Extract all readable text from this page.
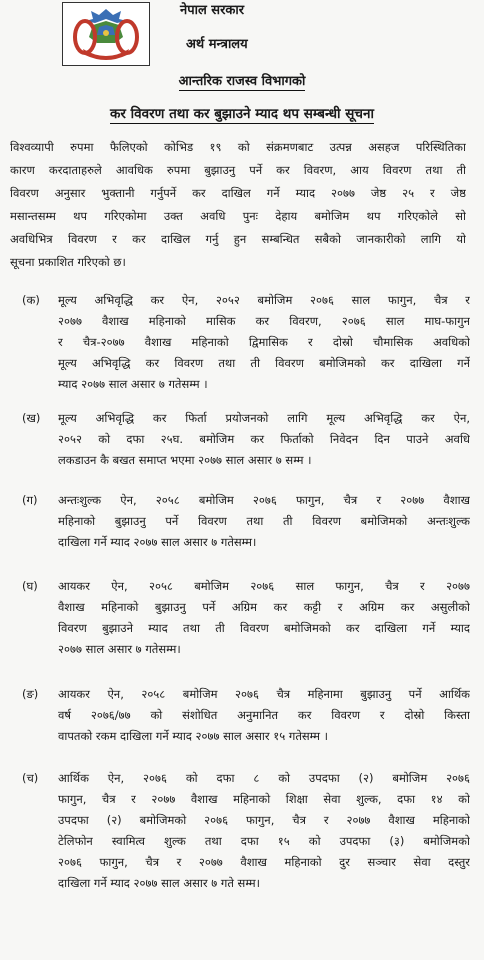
नेपाल सरकार
अर्थ मन्त्रालय
आन्तरिक राजस्व विभागको
कर विवरण तथा कर बुझाउने म्याद थप सम्बन्धी सूचना
विश्वव्यापी रुपमा फैलिएको कोभिड १९ को संक्रमणबाट उत्पन्न असहज परिस्थितिका
कारण करदाताहरुले आवधिक रुपमा बुझाउनु पर्ने कर विवरण, आय विवरण तथा ती
विवरण अनुसार भुक्तानी गर्नुपर्ने कर दाखिल गर्ने म्याद २०७७ जेष्ठ २५ र जेष्ठ
मसान्तसम्म थप गरिएकोमा उक्त अवधि पुनः देहाय बमोजिम थप गरिएकोले सो
अवधिभित्र विवरण र कर दाखिल गर्नु हुन सम्बन्धित सबैको जानकारीको लागि यो
सूचना प्रकाशित गरिएको छ।
(क) मूल्य अभिवृद्धि कर ऐन, २०५२ बमोजिम २०७६ साल फागुन, चैत्र र
२०७७ वैशाख महिनाको मासिक कर विवरण, २०७६ साल माघ-फागुन
र चैत्र-२०७७ वैशाख महिनाको द्विमासिक र दोस्रो चौमासिक अवधिको
मूल्य अभिवृद्धि कर विवरण तथा ती विवरण बमोजिमको कर दाखिला गर्ने
म्याद २०७७ साल असार ७ गतेसम्म ।
(ख) मूल्य अभिवृद्धि कर फिर्ता प्रयोजनको लागि मूल्य अभिवृद्धि कर ऐन,
२०५२ को दफा २५घ. बमोजिम कर फिर्ताको निवेदन दिन पाउने अवधि
लकडाउन कै बखत समाप्त भएमा २०७७ साल असार ७ सम्म ।
(ग) अन्तःशुल्क ऐन, २०५८ बमोजिम २०७६ फागुन, चैत्र र २०७७ वैशाख
महिनाको बुझाउनु पर्ने विवरण तथा ती विवरण बमोजिमको अन्तःशुल्क
दाखिला गर्ने म्याद २०७७ साल असार ७ गतेसम्म।
(घ) आयकर ऐन, २०५८ बमोजिम २०७६ साल फागुन, चैत्र र २०७७
वैशाख महिनाको बुझाउनु पर्ने अग्रिम कर कट्टी र अग्रिम कर असुलीको
विवरण बुझाउने म्याद तथा ती विवरण बमोजिमको कर दाखिला गर्ने म्याद
२०७७ साल असार ७ गतेसम्म।
(ङ) आयकर ऐन, २०५८ बमोजिम २०७६ चैत्र महिनामा बुझाउनु पर्ने आर्थिक
वर्ष २०७६/७७ को संशोधित अनुमानित कर विवरण र दोस्रो किस्ता
वापतको रकम दाखिला गर्ने म्याद २०७७ साल असार १५ गतेसम्म ।
(च) आर्थिक ऐन, २०७६ को दफा ८ को उपदफा (२) बमोजिम २०७६
फागुन, चैत्र र २०७७ वैशाख महिनाको शिक्षा सेवा शुल्क, दफा १४ को
उपदफा (२) बमोजिमको २०७६ फागुन, चैत्र र २०७७ वैशाख महिनाको
टेलिफोन स्वामित्व शुल्क तथा दफा १५ को उपदफा (३) बमोजिमको
२०७६ फागुन, चैत्र र २०७७ वैशाख महिनाको दुर सञ्चार सेवा दस्तुर
दाखिला गर्ने म्याद २०७७ साल असार ७ गते सम्म।
